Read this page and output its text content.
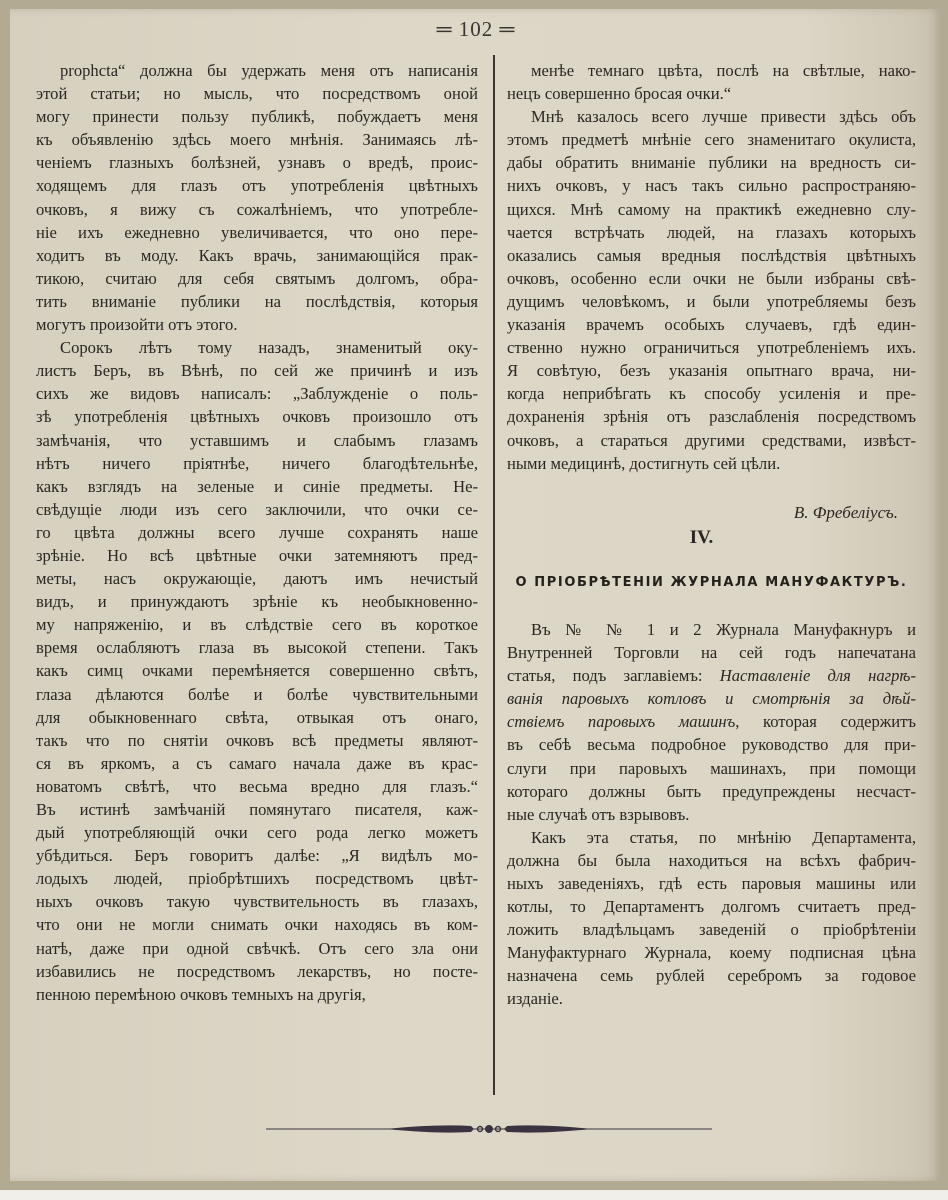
═ 102 ═
prophcta“ должна бы удержать меня отъ написанія
этой статьи; но мысль, что посредствомъ оной
могу принести пользу публикѣ, побуждаетъ меня
къ объявленію здѣсь моего мнѣнія. Занимаясь лѣ-
ченіемъ глазныхъ болѣзней, узнавъ о вредѣ, проис-
ходящемъ для глазъ отъ употребленія цвѣтныхъ
очковъ, я вижу съ сожалѣніемъ, что употребле-
ніе ихъ ежедневно увеличивается, что оно пере-
ходитъ въ моду. Какъ врачь, занимающійся прак-
тикою, считаю для себя святымъ долгомъ, обра-
тить вниманіе публики на послѣдствія, которыя
могутъ произойти отъ этого.
Сорокъ лѣтъ тому назадъ, знаменитый оку-
листъ Беръ, въ Вѣнѣ, по сей же причинѣ и изъ
сихъ же видовъ написалъ: „Заблужденіе о поль-
зѣ употребленія цвѣтныхъ очковъ произошло отъ
замѣчанія, что уставшимъ и слабымъ глазамъ
нѣтъ ничего пріятнѣе, ничего благодѣтельнѣе,
какъ взглядъ на зеленые и синіе предметы. Не-
свѣдущіе люди изъ сего заключили, что очки се-
го цвѣта должны всего лучше сохранять наше
зрѣніе. Но всѣ цвѣтные очки затемняютъ пред-
меты, насъ окружающіе, даютъ имъ нечистый
видъ, и принуждаютъ зрѣніе къ необыкновенно-
му напряженію, и въ слѣдствіе сего въ короткое
время ослабляютъ глаза въ высокой степени. Такъ
какъ симц очками перемѣняется совершенно свѣтъ,
глаза дѣлаются болѣе и болѣе чувствительными
для обыкновеннаго свѣта, отвыкая отъ онаго,
такъ что по снятіи очковъ всѣ предметы являют-
ся въ яркомъ, а съ самаго начала даже въ крас-
новатомъ свѣтѣ, что весьма вредно для глазъ.“
Въ истинѣ замѣчаній помянутаго писателя, каж-
дый употребляющій очки сего рода легко можетъ
убѣдиться. Беръ говоритъ далѣе: „Я видѣлъ мо-
лодыхъ людей, пріобрѣтшихъ посредствомъ цвѣт-
ныхъ очковъ такую чувствительность въ глазахъ,
что они не могли снимать очки находясь въ ком-
натѣ, даже при одной свѣчкѣ. Отъ сего зла они
избавились не посредствомъ лекарствъ, но посте-
пенною перемѣною очковъ темныхъ на другія,
менѣе темнаго цвѣта, послѣ на свѣтлые, нако-
нецъ совершенно бросая очки.“
Мнѣ казалось всего лучше привести здѣсь объ
этомъ предметѣ мнѣніе сего знаменитаго окулиста,
дабы обратить вниманіе публики на вредность си-
нихъ очковъ, у насъ такъ сильно распространяю-
щихся. Мнѣ самому на практикѣ ежедневно слу-
чается встрѣчать людей, на глазахъ которыхъ
оказались самыя вредныя послѣдствія цвѣтныхъ
очковъ, особенно если очки не были избраны свѣ-
дущимъ человѣкомъ, и были употребляемы безъ
указанія врачемъ особыхъ случаевъ, гдѣ един-
ственно нужно ограничиться употребленіемъ ихъ.
Я совѣтую, безъ указанія опытнаго врача, ни-
когда неприбѣгать къ способу усиленія и пре-
дохраненія зрѣнія отъ разслабленія посредствомъ
очковъ, а стараться другими средствами, извѣст-
ными медицинѣ, достигнуть сей цѣли.
В. Фребеліусъ.
IV.
О ПРІОБРѢТЕНІИ ЖУРНАЛА МАНУФАКТУРЪ.
Въ № № 1 и 2 Журнала Мануфакнуръ и
Внутренней Торговли на сей годъ напечатана
статья, подъ заглавіемъ: Наставленіе для нагрѣ-
ванія паровыхъ котловъ и смотрѣнія за дѣй-
ствіемъ паровыхъ машинъ, которая содержитъ
въ себѣ весьма подробное руководство для при-
слуги при паровыхъ машинахъ, при помощи
котораго должны быть предупреждены несчаст-
ные случаѣ отъ взрывовъ.
Какъ эта статья, по мнѣнію Департамента,
должна бы была находиться на всѣхъ фабрич-
ныхъ заведеніяхъ, гдѣ есть паровыя машины или
котлы, то Департаментъ долгомъ считаетъ пред-
ложить владѣльцамъ заведеній о пріобрѣтеніи
Мануфактурнаго Журнала, коему подписная цѣна
назначена семь рублей серебромъ за годовое
изданіе.
